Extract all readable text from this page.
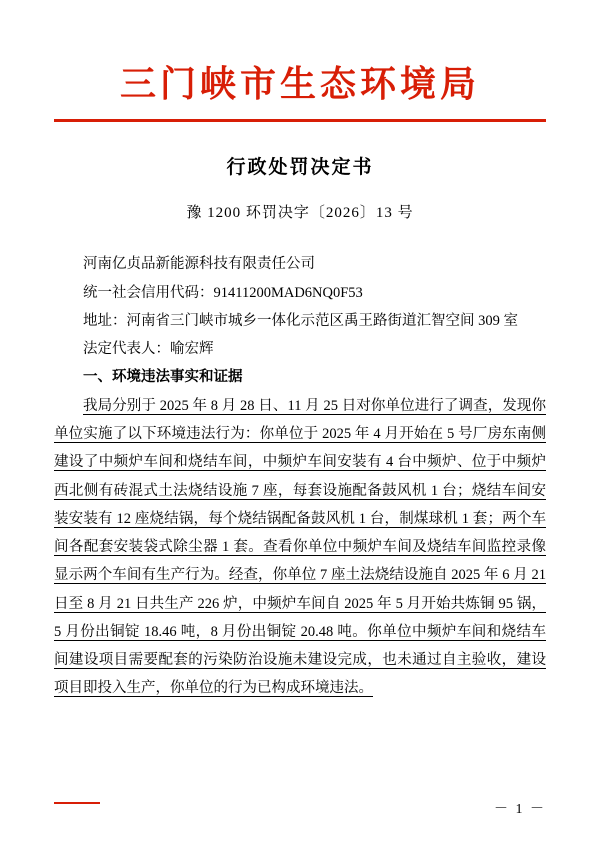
三门峡市生态环境局
行政处罚决定书
豫 1200 环罚决字〔2026〕13 号

河南亿贞品新能源科技有限责任公司

统一社会信用代码：91411200MAD6NQ0F53

地址：河南省三门峡市城乡一体化示范区禹王路街道汇智空间 309 室

法定代表人：喻宏辉

一、环境违法事实和证据

我局分别于 2025 年 8 月 28 日、11 月 25 日对你单位进行了调查，发现你单位实施了以下环境违法行为：你单位于 2025 年 4 月开始在 5 号厂房东南侧建设了中频炉车间和烧结车间，中频炉车间安装有 4 台中频炉、位于中频炉西北侧有砖混式土法烧结设施 7 座，每套设施配备鼓风机 1 台；烧结车间安装安装有 12 座烧结锅，每个烧结锅配备鼓风机 1 台，制煤球机 1 套；两个车间各配套安装袋式除尘器 1 套。查看你单位中频炉车间及烧结车间监控录像显示两个车间有生产行为。经查，你单位 7 座土法烧结设施自 2025 年 6 月 21 日至 8 月 21 日共生产 226 炉，中频炉车间自 2025 年 5 月开始共炼铜 95 锅，5 月份出铜锭 18.46 吨，8 月份出铜锭 20.48 吨。你单位中频炉车间和烧结车间建设项目需要配套的污染防治设施未建设完成，也未通过自主验收，建设项目即投入生产，你单位的行为已构成环境违法。

－ 1 －
